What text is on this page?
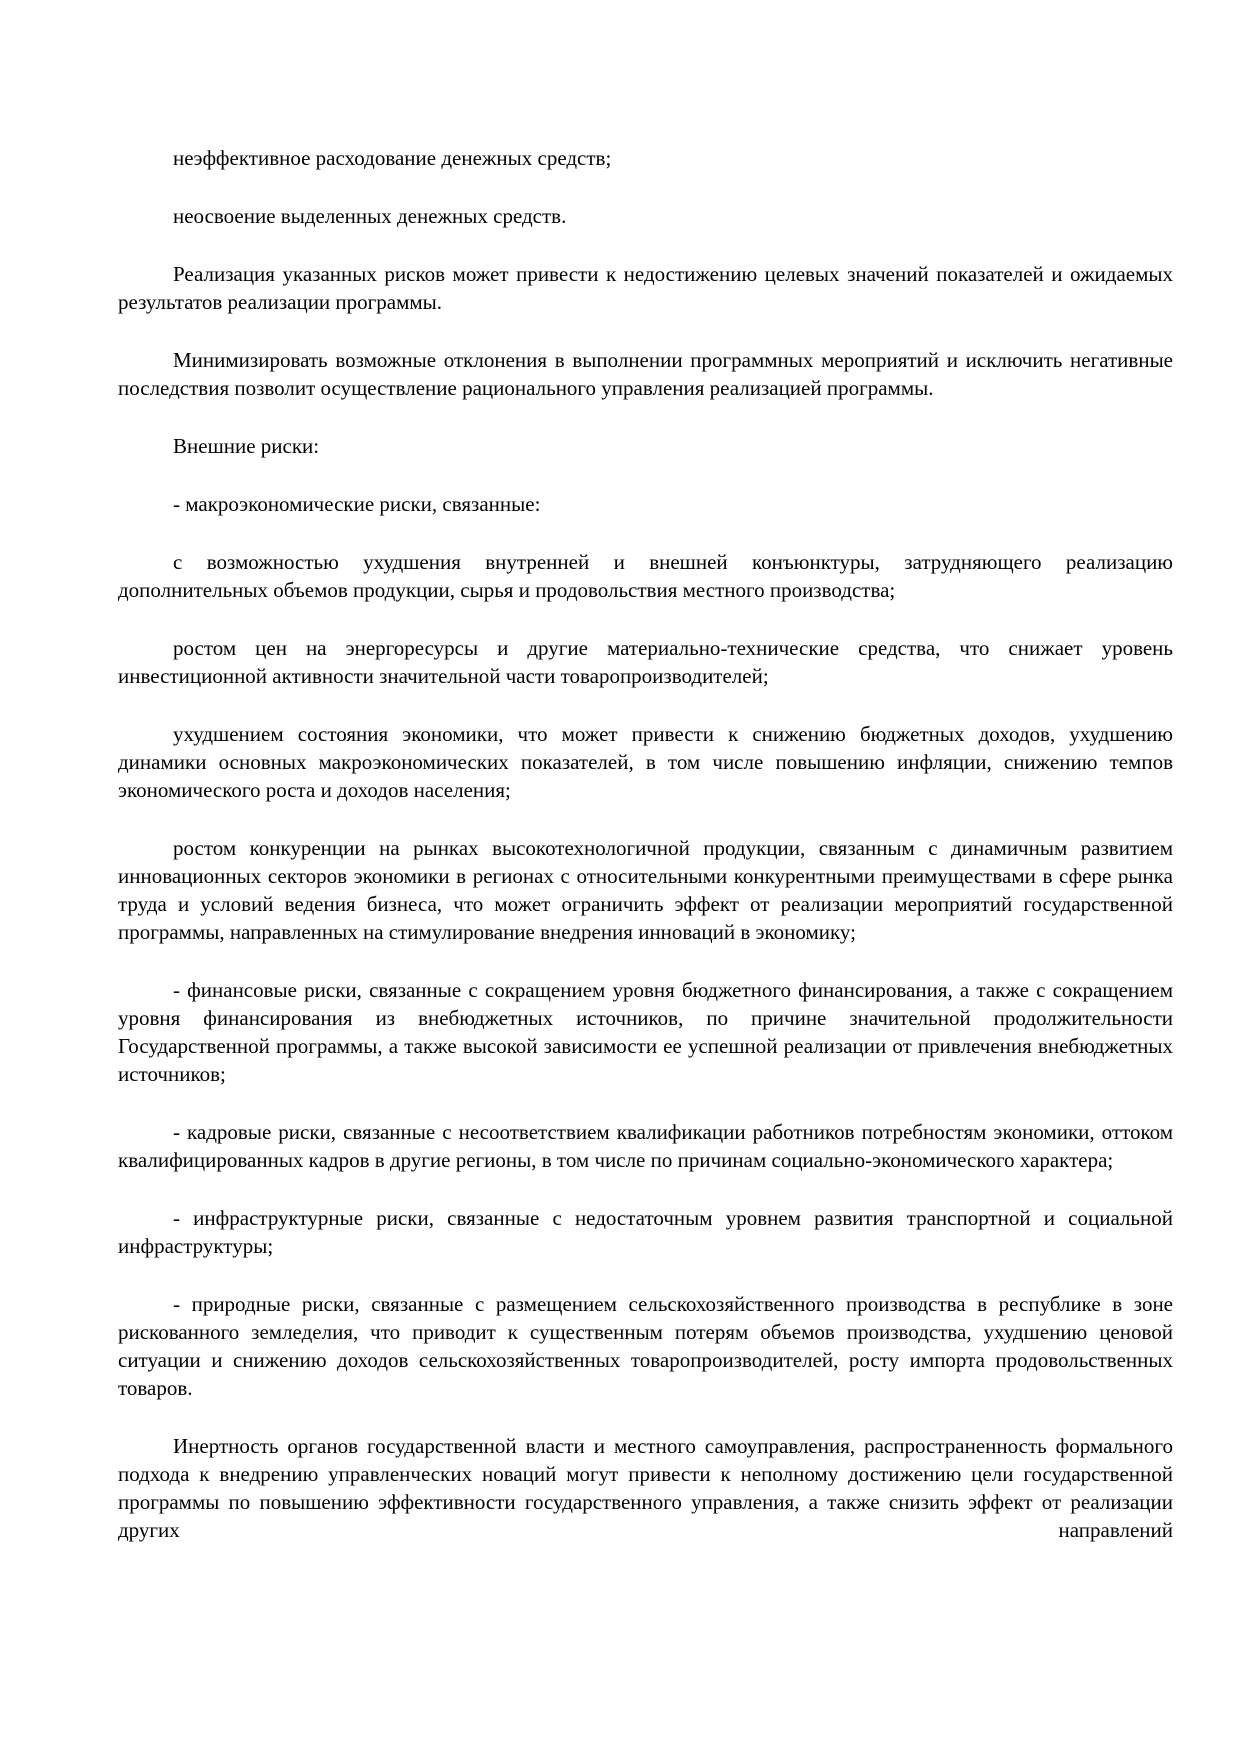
неэффективное расходование денежных средств;

неосвоение выделенных денежных средств.

Реализация указанных рисков может привести к недостижению целевых значений показателей и ожидаемых результатов реализации программы.

Минимизировать возможные отклонения в выполнении программных мероприятий и исключить негативные последствия позволит осуществление рационального управления реализацией программы.

Внешние риски:

- макроэкономические риски, связанные:

с возможностью ухудшения внутренней и внешней конъюнктуры, затрудняющего реализацию дополнительных объемов продукции, сырья и продовольствия местного производства;

ростом цен на энергоресурсы и другие материально-технические средства, что снижает уровень инвестиционной активности значительной части товаропроизводителей;

ухудшением состояния экономики, что может привести к снижению бюджетных доходов, ухудшению динамики основных макроэкономических показателей, в том числе повышению инфляции, снижению темпов экономического роста и доходов населения;

ростом конкуренции на рынках высокотехнологичной продукции, связанным с динамичным развитием инновационных секторов экономики в регионах с относительными конкурентными преимуществами в сфере рынка труда и условий ведения бизнеса, что может ограничить эффект от реализации мероприятий государственной программы, направленных на стимулирование внедрения инноваций в экономику;

- финансовые риски, связанные с сокращением уровня бюджетного финансирования, а также с сокращением уровня финансирования из внебюджетных источников, по причине значительной продолжительности Государственной программы, а также высокой зависимости ее успешной реализации от привлечения внебюджетных источников;

- кадровые риски, связанные с несоответствием квалификации работников потребностям экономики, оттоком квалифицированных кадров в другие регионы, в том числе по причинам социально-экономического характера;

- инфраструктурные риски, связанные с недостаточным уровнем развития транспортной и социальной инфраструктуры;

- природные риски, связанные с размещением сельскохозяйственного производства в республике в зоне рискованного земледелия, что приводит к существенным потерям объемов производства, ухудшению ценовой ситуации и снижению доходов сельскохозяйственных товаропроизводителей, росту импорта продовольственных товаров.

Инертность органов государственной власти и местного самоуправления, распространенность формального подхода к внедрению управленческих новаций могут привести к неполному достижению цели государственной программы по повышению эффективности государственного управления, а также снизить эффект от реализации других направлений
